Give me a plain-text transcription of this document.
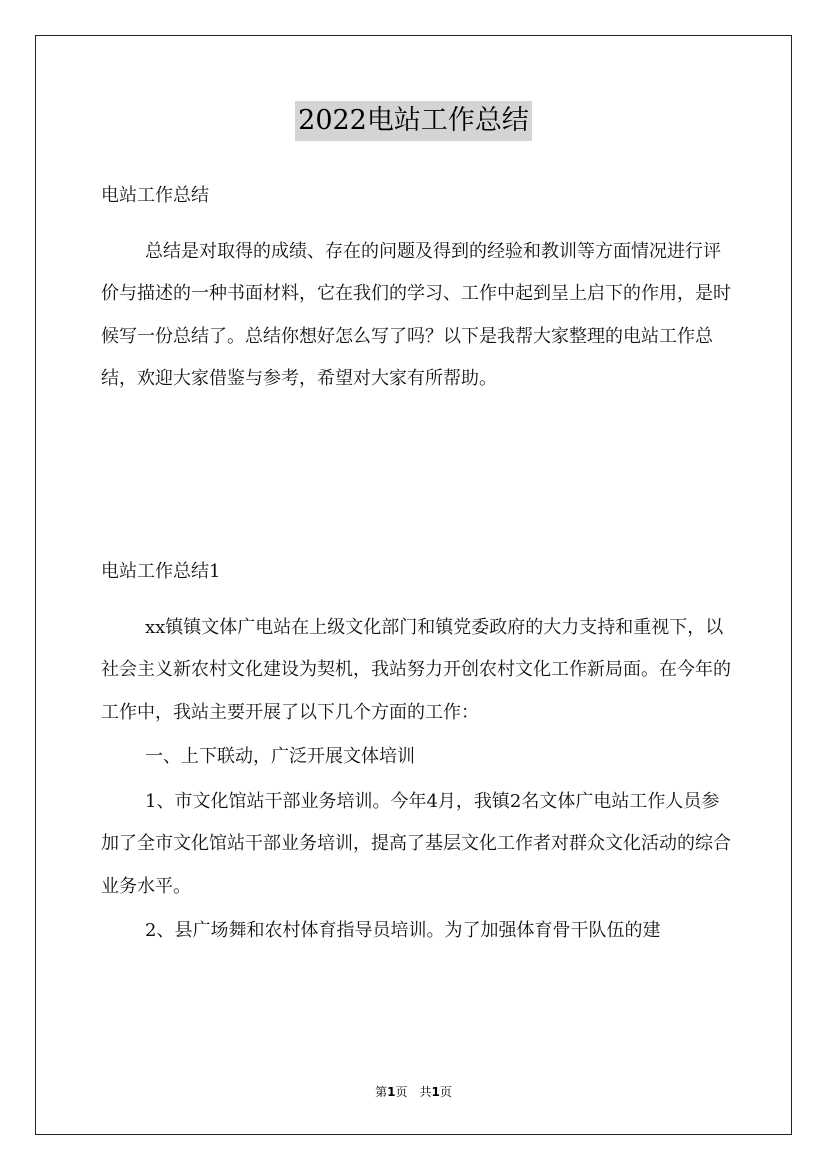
2022电站工作总结

电站工作总结

总结是对取得的成绩、存在的问题及得到的经验和教训等方面情况进行评价与描述的一种书面材料，它在我们的学习、工作中起到呈上启下的作用，是时候写一份总结了。总结你想好怎么写了吗？以下是我帮大家整理的电站工作总结，欢迎大家借鉴与参考，希望对大家有所帮助。

电站工作总结1

xx镇镇文体广电站在上级文化部门和镇党委政府的大力支持和重视下，以社会主义新农村文化建设为契机，我站努力开创农村文化工作新局面。在今年的工作中，我站主要开展了以下几个方面的工作：

一、上下联动，广泛开展文体培训

1、市文化馆站干部业务培训。今年4月，我镇2名文体广电站工作人员参加了全市文化馆站干部业务培训，提高了基层文化工作者对群众文化活动的综合业务水平。

2、县广场舞和农村体育指导员培训。为了加强体育骨干队伍的建

第1页　共1页
